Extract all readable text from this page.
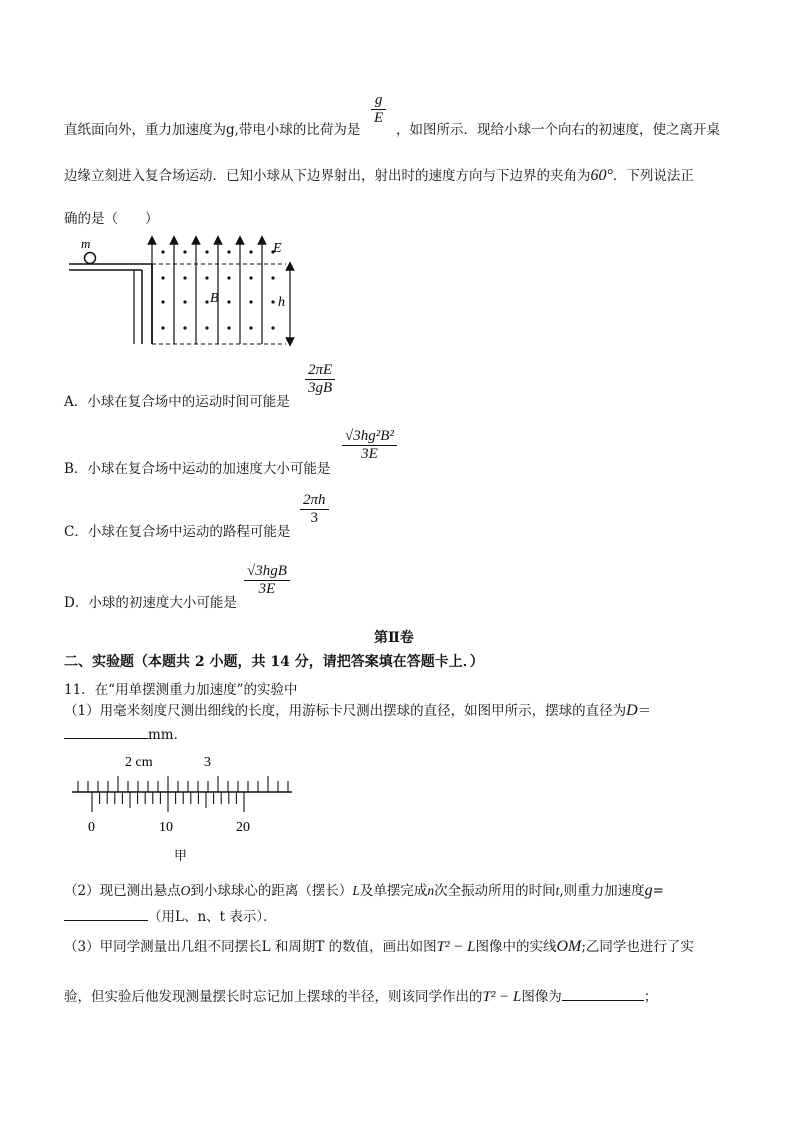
$\frac{g}{E}$
直纸面向外，重力加速度为g,带电小球的比荷为是	，如图所示．现给小球一个向右的初速度，使之离开桌
边缘立刻进入复合场运动．已知小球从下边界射出，射出时的速度方向与下边界的夹角为60°．下列说法正
确的是（　　）
m	E
B	h
A．小球在复合场中的运动时间可能是
$\frac{2\pi E}{3gB}$
B．小球在复合场中运动的加速度大小可能是
$\frac{\text{√3hg²B²}}{3E}$
C．小球在复合场中运动的路程可能是
$\frac{2\pi h}{3}$
D．小球的初速度大小可能是
√3hgB
3E
第Ⅱ卷
二、实验题（本题共 2 小题，共 14 分，请把答案填在答题卡上．）
11．在“用单摆测重力加速度”的实验中
（1）用毫米刻度尺测出细线的长度，用游标卡尺测出摆球的直径，如图甲所示，摆球的直径为D＝
mm．
2 cm	3
0	10	20
甲
（2）现已测出悬点O到小球球心的距离（摆长）L及单摆完成n次全振动所用的时间t,则重力加速度g=
（用L、n、t 表示）．
（3）甲同学测量出几组不同摆长L 和周期T 的数值，画出如图T² − L图像中的实线OM;乙同学也进行了实
验，但实验后他发现测量摆长时忘记加上摆球的半径，则该同学作出的T² − L图像为	；
